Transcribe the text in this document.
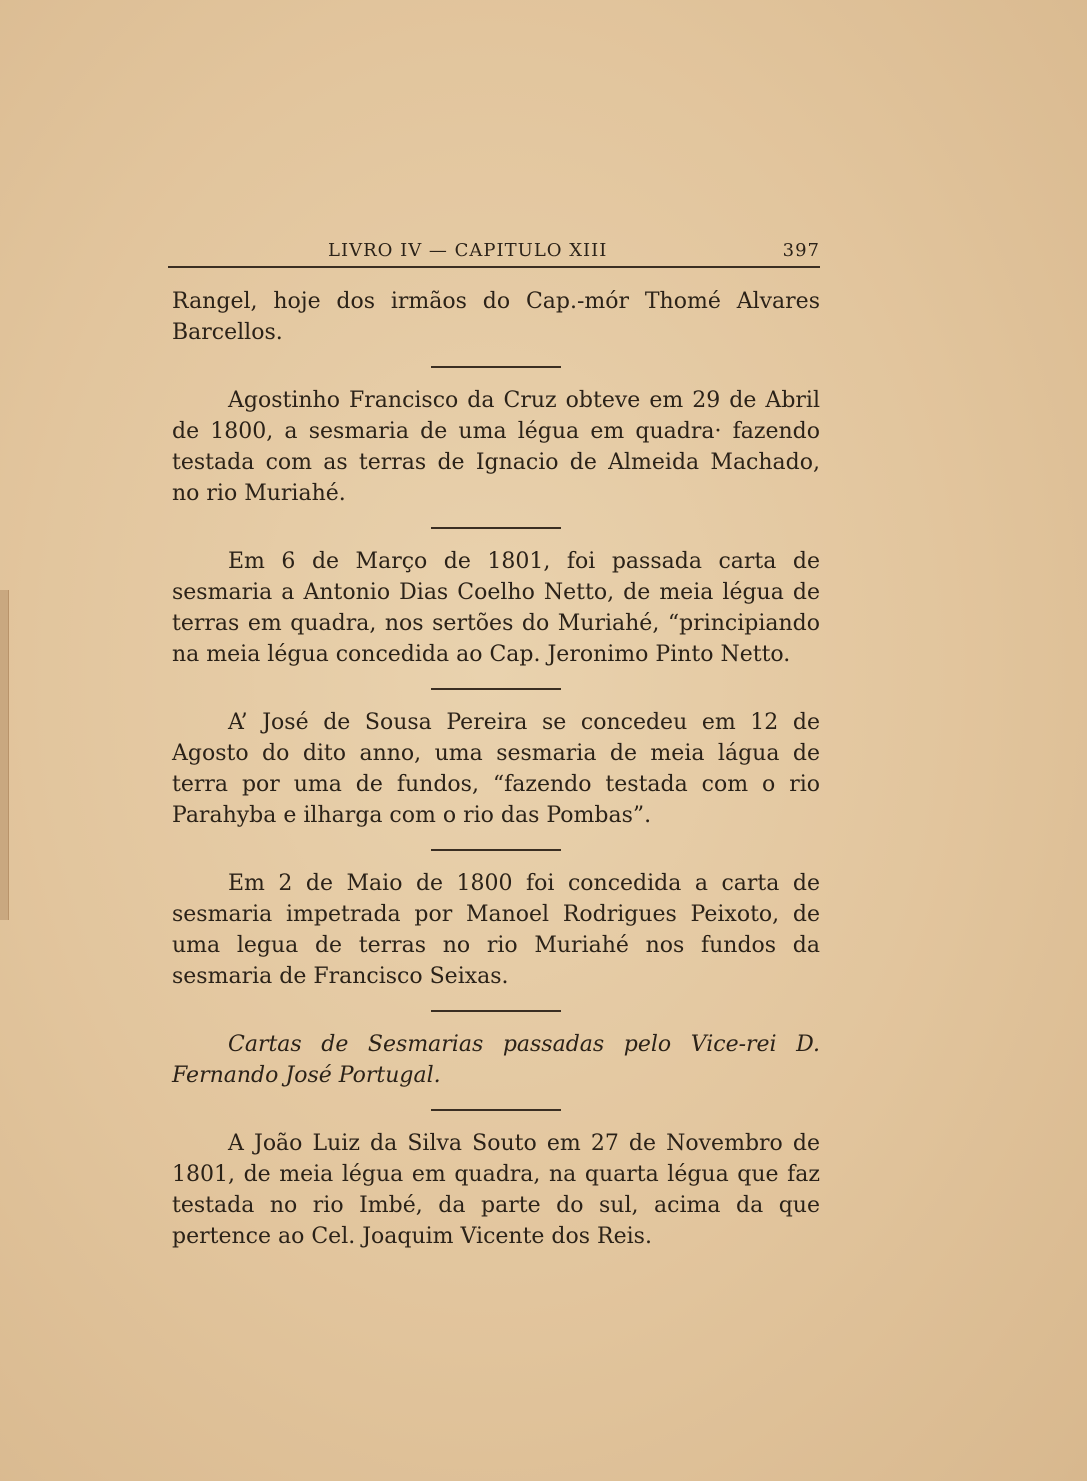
LIVRO IV — CAPITULO XIII	397

Rangel, hoje dos irmãos do Cap.-mór Thomé Alvares Barcellos.

Agostinho Francisco da Cruz obteve em 29 de Abril de 1800, a sesmaria de uma légua em quadra· fazendo testada com as terras de Ignacio de Almeida Machado, no rio Muriahé.

Em 6 de Março de 1801, foi passada carta de sesmaria a Antonio Dias Coelho Netto, de meia légua de terras em quadra, nos sertões do Muriahé, “principiando na meia légua concedida ao Cap. Jeronimo Pinto Netto.

A’ José de Sousa Pereira se concedeu em 12 de Agosto do dito anno, uma sesmaria de meia lágua de terra por uma de fundos, “fazendo testada com o rio Parahyba e ilharga com o rio das Pombas”.

Em 2 de Maio de 1800 foi concedida a carta de sesmaria impetrada por Manoel Rodrigues Peixoto, de uma legua de terras no rio Muriahé nos fundos da sesmaria de Francisco Seixas.

Cartas de Sesmarias passadas pelo Vice-rei D. Fernando José Portugal.

A João Luiz da Silva Souto em 27 de Novembro de 1801, de meia légua em quadra, na quarta légua que faz testada no rio Imbé, da parte do sul, acima da que pertence ao Cel. Joaquim Vicente dos Reis.
